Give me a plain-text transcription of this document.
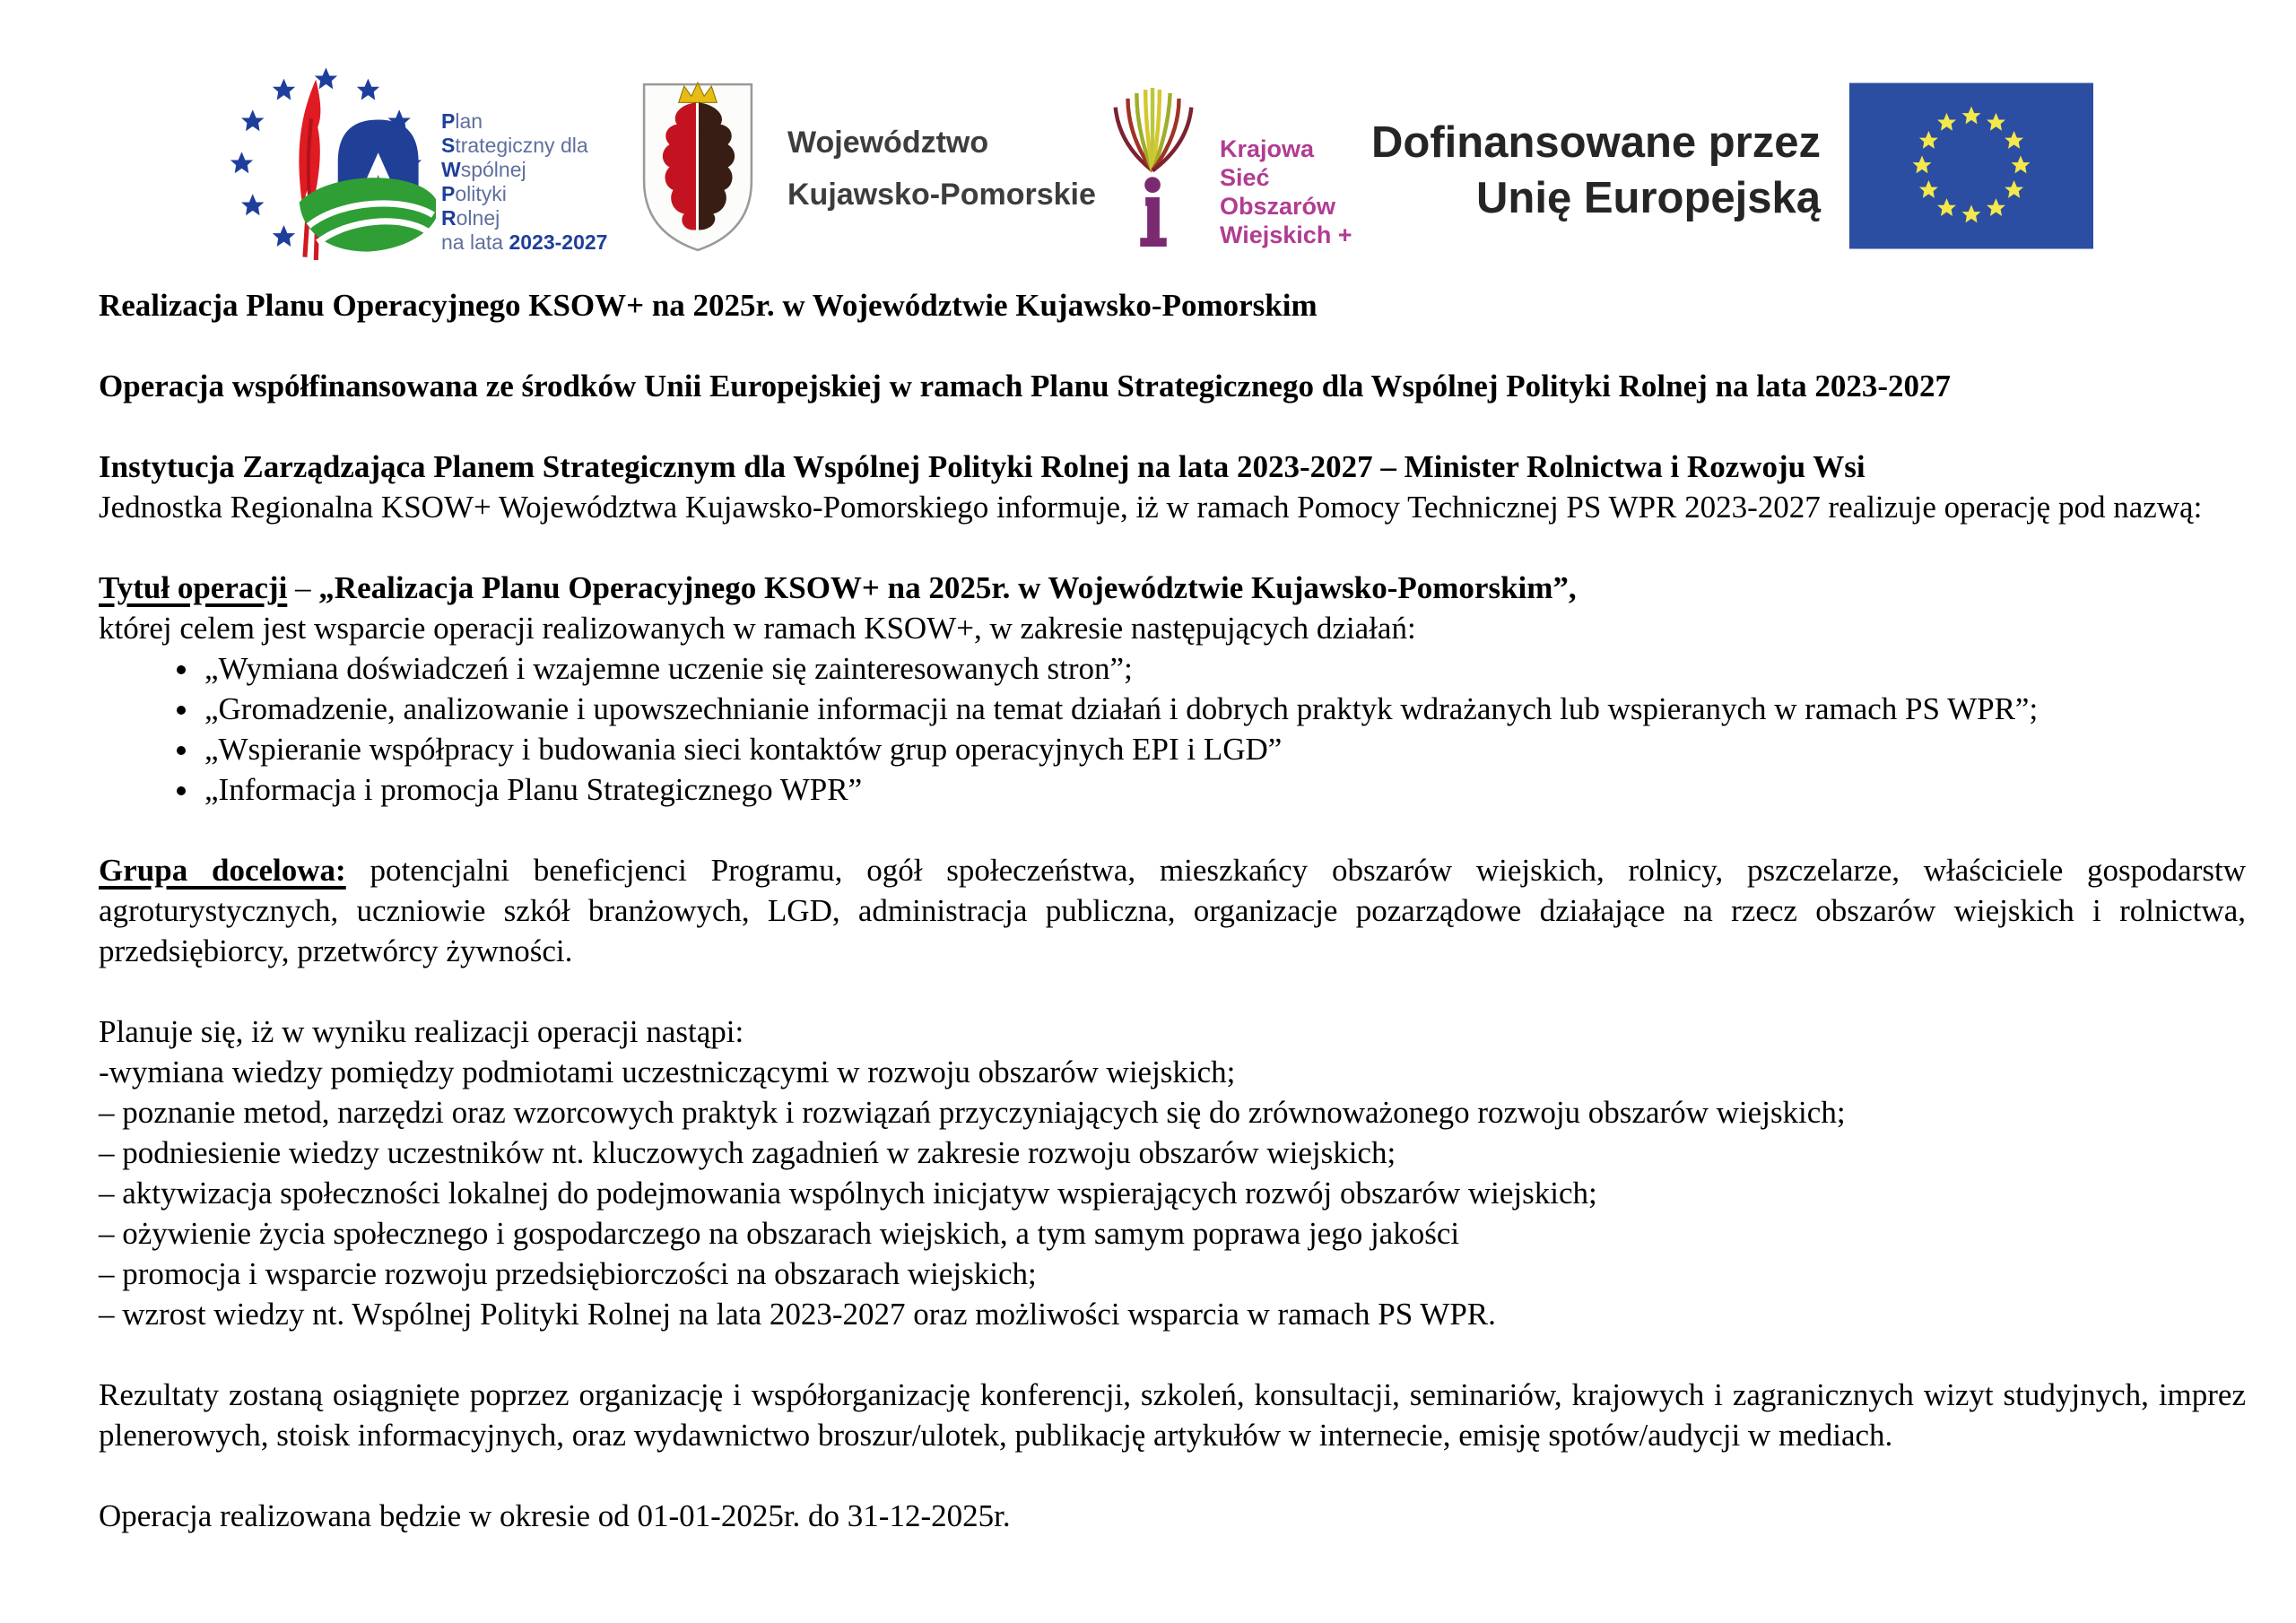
Plan
Strategiczny dla
Wspólnej
Polityki
Rolnej
na lata 2023-2027
Województwo
Kujawsko-Pomorskie
Krajowa
Sieć
Obszarów
Wiejskich +
Dofinansowane przez
Unię Europejską

Realizacja Planu Operacyjnego KSOW+ na 2025r. w Województwie Kujawsko-Pomorskim

Operacja współfinansowana ze środków Unii Europejskiej w ramach Planu Strategicznego dla Wspólnej Polityki Rolnej na lata 2023-2027

Instytucja Zarządzająca Planem Strategicznym dla Wspólnej Polityki Rolnej na lata 2023-2027 – Minister Rolnictwa i Rozwoju Wsi

Jednostka Regionalna KSOW+ Województwa Kujawsko-Pomorskiego informuje, iż w ramach Pomocy Technicznej PS WPR 2023-2027 realizuje operację pod nazwą:

Tytuł operacji – „Realizacja Planu Operacyjnego KSOW+ na 2025r. w Województwie Kujawsko-Pomorskim”,

której celem jest wsparcie operacji realizowanych w ramach KSOW+, w zakresie następujących działań:

• „Wymiana doświadczeń i wzajemne uczenie się zainteresowanych stron”;
• „Gromadzenie, analizowanie i upowszechnianie informacji na temat działań i dobrych praktyk wdrażanych lub wspieranych w ramach PS WPR”;
• „Wspieranie współpracy i budowania sieci kontaktów grup operacyjnych EPI i LGD”
• „Informacja i promocja Planu Strategicznego WPR”

Grupa docelowa: potencjalni beneficjenci Programu, ogół społeczeństwa, mieszkańcy obszarów wiejskich, rolnicy, pszczelarze, właściciele gospodarstw agroturystycznych, uczniowie szkół branżowych, LGD, administracja publiczna, organizacje pozarządowe działające na rzecz obszarów wiejskich i rolnictwa, przedsiębiorcy, przetwórcy żywności.

Planuje się, iż w wyniku realizacji operacji nastąpi:

-wymiana wiedzy pomiędzy podmiotami uczestniczącymi w rozwoju obszarów wiejskich;

– poznanie metod, narzędzi oraz wzorcowych praktyk i rozwiązań przyczyniających się do zrównoważonego rozwoju obszarów wiejskich;

– podniesienie wiedzy uczestników nt. kluczowych zagadnień w zakresie rozwoju obszarów wiejskich;

– aktywizacja społeczności lokalnej do podejmowania wspólnych inicjatyw wspierających rozwój obszarów wiejskich;

– ożywienie życia społecznego i gospodarczego na obszarach wiejskich, a tym samym poprawa jego jakości

– promocja i wsparcie rozwoju przedsiębiorczości na obszarach wiejskich;

– wzrost wiedzy nt. Wspólnej Polityki Rolnej na lata 2023-2027 oraz możliwości wsparcia w ramach PS WPR.

Rezultaty zostaną osiągnięte poprzez organizację i współorganizację konferencji, szkoleń, konsultacji, seminariów, krajowych i zagranicznych wizyt studyjnych, imprez plenerowych, stoisk informacyjnych, oraz wydawnictwo broszur/ulotek, publikację artykułów w internecie, emisję spotów/audycji w mediach.

Operacja realizowana będzie w okresie od 01-01-2025r. do 31-12-2025r.
